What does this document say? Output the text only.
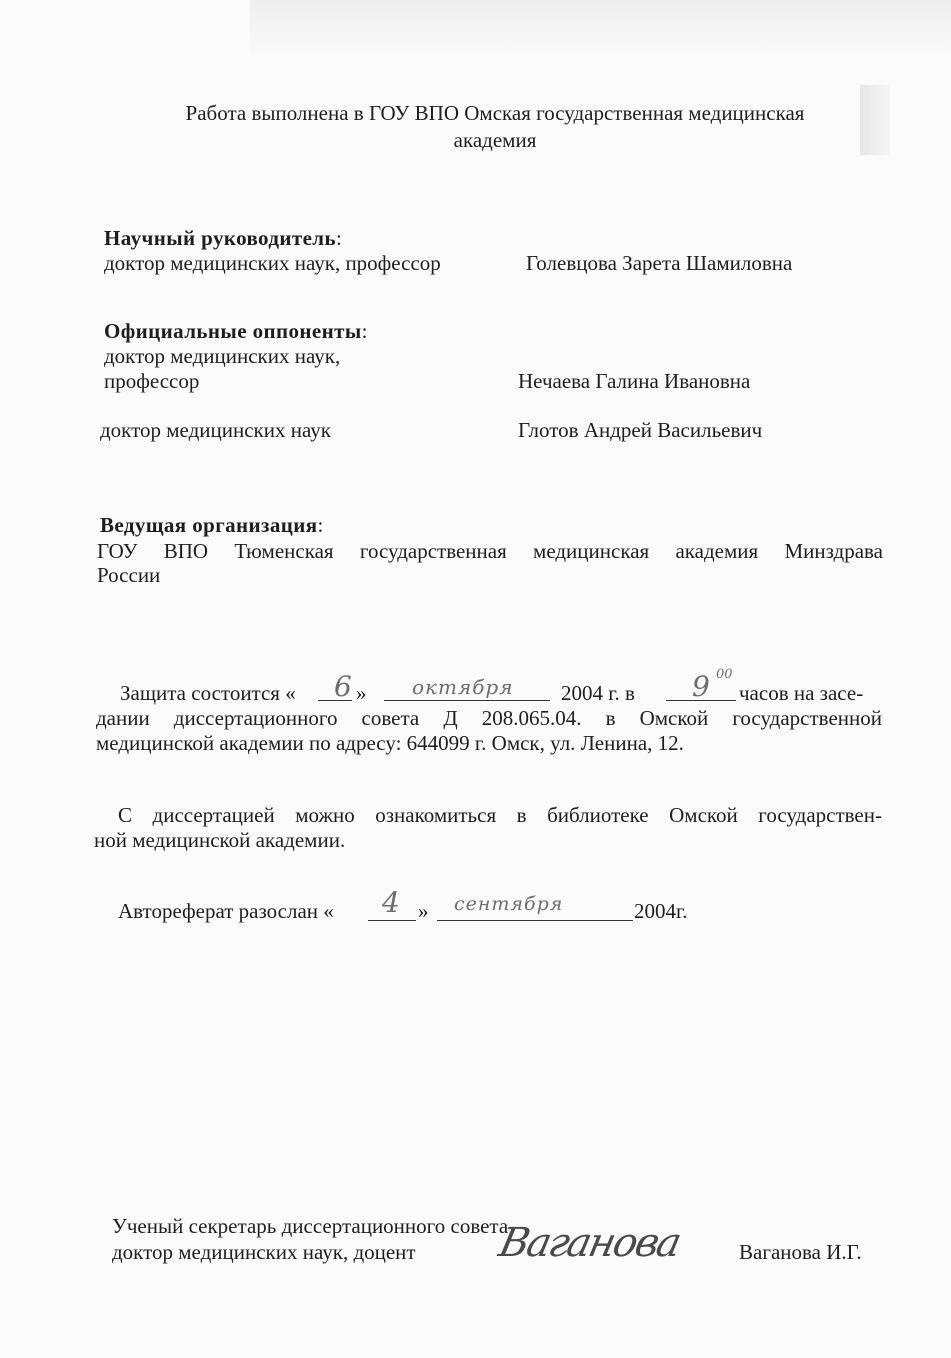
Работа выполнена в ГОУ ВПО Омская государственная медицинская
академия
Научный руководитель:
доктор медицинских наук, профессор	Голевцова Зарета Шамиловна
Официальные оппоненты:
доктор медицинских наук,
профессор	Нечаева Галина Ивановна
доктор медицинских наук	Глотов Андрей Васильевич
Ведущая организация:
ГОУ ВПО Тюменская государственная медицинская академия Минздрава
России
Защита состоится « 6 » октября 2004 г. в 9 00
часов на засе-
дании диссертационного совета Д 208.065.04. в Омской государственной
медицинской академии по адресу: 644099 г. Омск, ул. Ленина, 12.
С диссертацией можно ознакомиться в библиотеке Омской государствен-
ной медицинской академии.
Автореферат разослан « 4 » сентября	2004г.
Ученый секретарь диссертационного совета
доктор медицинских наук, доцент Ваганова	Ваганова И.Г.
